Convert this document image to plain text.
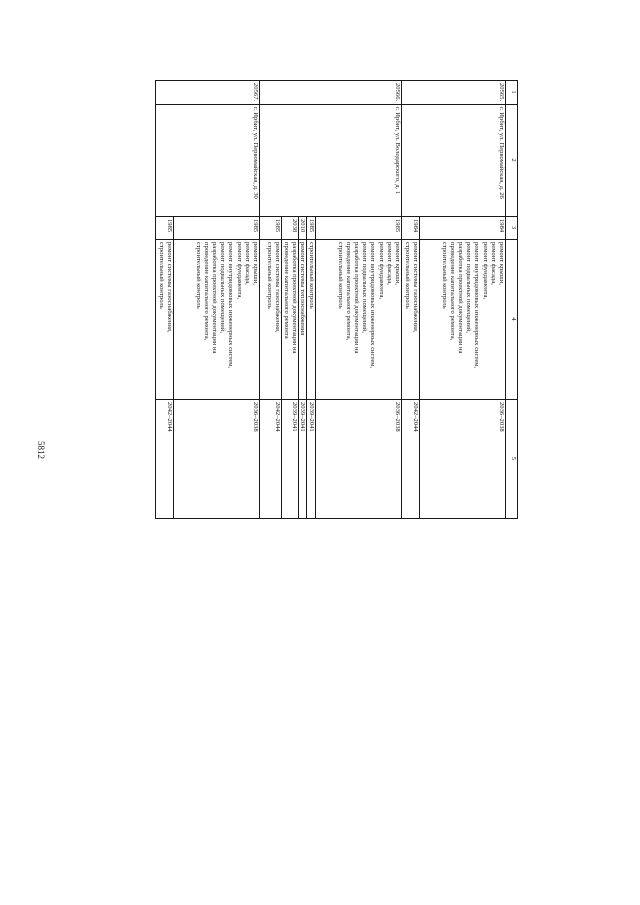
5812
1
2
3
4
5
20565.
г. Ирбит, ул. Первомайская, д. 26
1984
ремонт крыши,
ремонт фасада,
ремонт фундамента,
ремонт внутридомовых инженерных систем,
ремонт подвальных помещений,
разработка проектной документации на
проведение капитального ремонта,
строительный контроль
2036–2038
1984
ремонт системы газоснабжения,
строительный контроль
2042–2044
20566.
г. Ирбит, ул. Володарского, д. 1
1985
ремонт крыши,
ремонт фасада,
ремонт фундамента,
ремонт внутридомовых инженерных систем,
ремонт подвальных помещений,
разработка проектной документации на
проведение капитального ремонта,
строительный контроль
2036–2038
1985
строительный контроль
2039–2041
2010
ремонт системы теплоснабжения
2039–2041
2038
разработка проектной документации на
проведение капитального ремонта
2039–2041
1985
ремонт системы газоснабжения,
строительный контроль
2042–2044
20567.
г. Ирбит, ул. Первомайская, д. 30
1985
ремонт крыши,
ремонт фасада,
ремонт фундамента,
ремонт внутридомовых инженерных систем,
ремонт подвальных помещений,
разработка проектной документации на
проведение капитального ремонта,
строительный контроль
2036–2038
1985
ремонт системы газоснабжения,
строительный контроль
2042–2044
